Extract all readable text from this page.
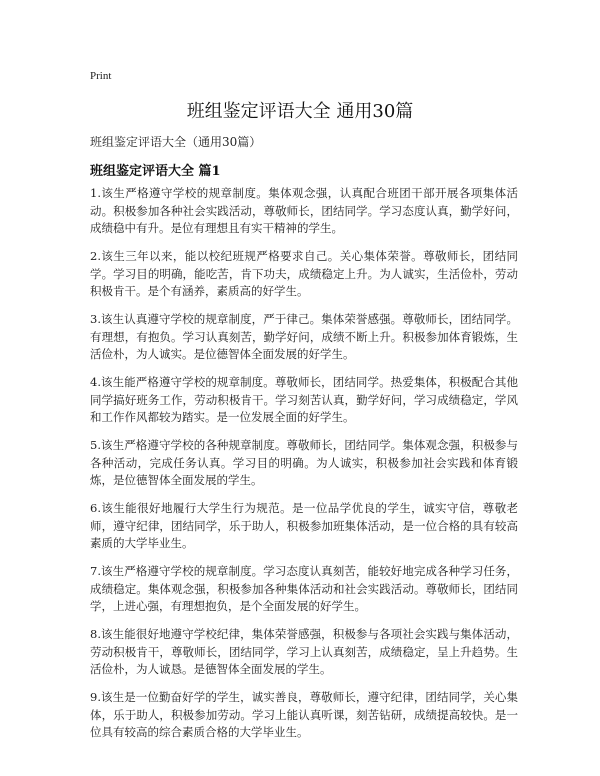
Print
班组鉴定评语大全 通用30篇
班组鉴定评语大全（通用30篇）
班组鉴定评语大全 篇1

1.该生严格遵守学校的规章制度。集体观念强，认真配合班团干部开展各项集体活动。积极参加各种社会实践活动，尊敬师长，团结同学。学习态度认真，勤学好问，成绩稳中有升。是位有理想且有实干精神的学生。

2.该生三年以来，能以校纪班规严格要求自己。关心集体荣誉。尊敬师长，团结同学。学习目的明确，能吃苦，肯下功夫，成绩稳定上升。为人诚实，生活俭朴，劳动积极肯干。是个有涵养，素质高的好学生。

3.该生认真遵守学校的规章制度，严于律己。集体荣誉感强。尊敬师长，团结同学。有理想，有抱负。学习认真刻苦，勤学好问，成绩不断上升。积极参加体育锻炼，生活俭朴，为人诚实。是位德智体全面发展的好学生。

4.该生能严格遵守学校的规章制度。尊敬师长，团结同学。热爱集体，积极配合其他同学搞好班务工作，劳动积极肯干。学习刻苦认真，勤学好问，学习成绩稳定，学风和工作作风都较为踏实。是一位发展全面的好学生。

5.该生严格遵守学校的各种规章制度。尊敬师长，团结同学。集体观念强，积极参与各种活动，完成任务认真。学习目的明确。为人诚实，积极参加社会实践和体育锻炼，是位德智体全面发展的学生。

6.该生能很好地履行大学生行为规范。是一位品学优良的学生，诚实守信，尊敬老师，遵守纪律，团结同学，乐于助人，积极参加班集体活动，是一位合格的具有较高素质的大学毕业生。

7.该生严格遵守学校的规章制度。学习态度认真刻苦，能较好地完成各种学习任务，成绩稳定。集体观念强，积极参加各种集体活动和社会实践活动。尊敬师长，团结同学，上进心强，有理想抱负，是个全面发展的好学生。

8.该生能很好地遵守学校纪律，集体荣誉感强，积极参与各项社会实践与集体活动，劳动积极肯干，尊敬师长，团结同学，学习上认真刻苦，成绩稳定，呈上升趋势。生活俭朴，为人诚恳。是德智体全面发展的学生。

9.该生是一位勤奋好学的学生，诚实善良，尊敬师长，遵守纪律，团结同学，关心集体，乐于助人，积极参加劳动。学习上能认真听课，刻苦钻研，成绩提高较快。是一位具有较高的综合素质合格的大学毕业生。
